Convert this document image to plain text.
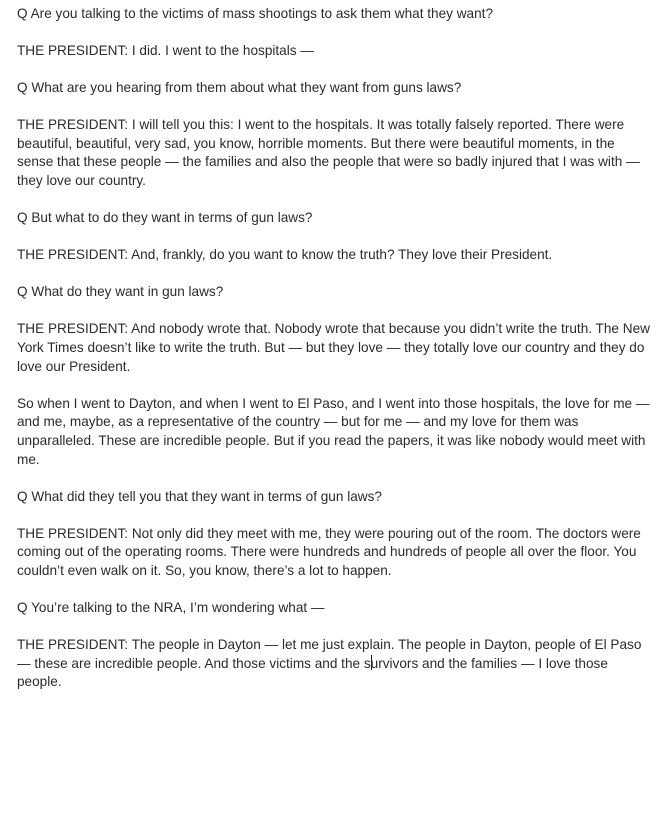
Q Are you talking to the victims of mass shootings to ask them what they want?

THE PRESIDENT: I did. I went to the hospitals —

Q What are you hearing from them about what they want from guns laws?

THE PRESIDENT: I will tell you this: I went to the hospitals. It was totally falsely reported. There were beautiful, beautiful, very sad, you know, horrible moments. But there were beautiful moments, in the sense that these people — the families and also the people that were so badly injured that I was with — they love our country.

Q But what to do they want in terms of gun laws?

THE PRESIDENT: And, frankly, do you want to know the truth? They love their President.

Q What do they want in gun laws?

THE PRESIDENT: And nobody wrote that. Nobody wrote that because you didn’t write the truth. The New York Times doesn’t like to write the truth. But — but they love — they totally love our country and they do love our President.

So when I went to Dayton, and when I went to El Paso, and I went into those hospitals, the love for me — and me, maybe, as a representative of the country — but for me — and my love for them was unparalleled. These are incredible people. But if you read the papers, it was like nobody would meet with me.

Q What did they tell you that they want in terms of gun laws?

THE PRESIDENT: Not only did they meet with me, they were pouring out of the room. The doctors were coming out of the operating rooms. There were hundreds and hundreds of people all over the floor. You couldn’t even walk on it. So, you know, there’s a lot to happen.

Q You’re talking to the NRA, I’m wondering what —

THE PRESIDENT: The people in Dayton — let me just explain. The people in Dayton, people of El Paso — these are incredible people. And those victims and the survivors and the families — I love those people.
